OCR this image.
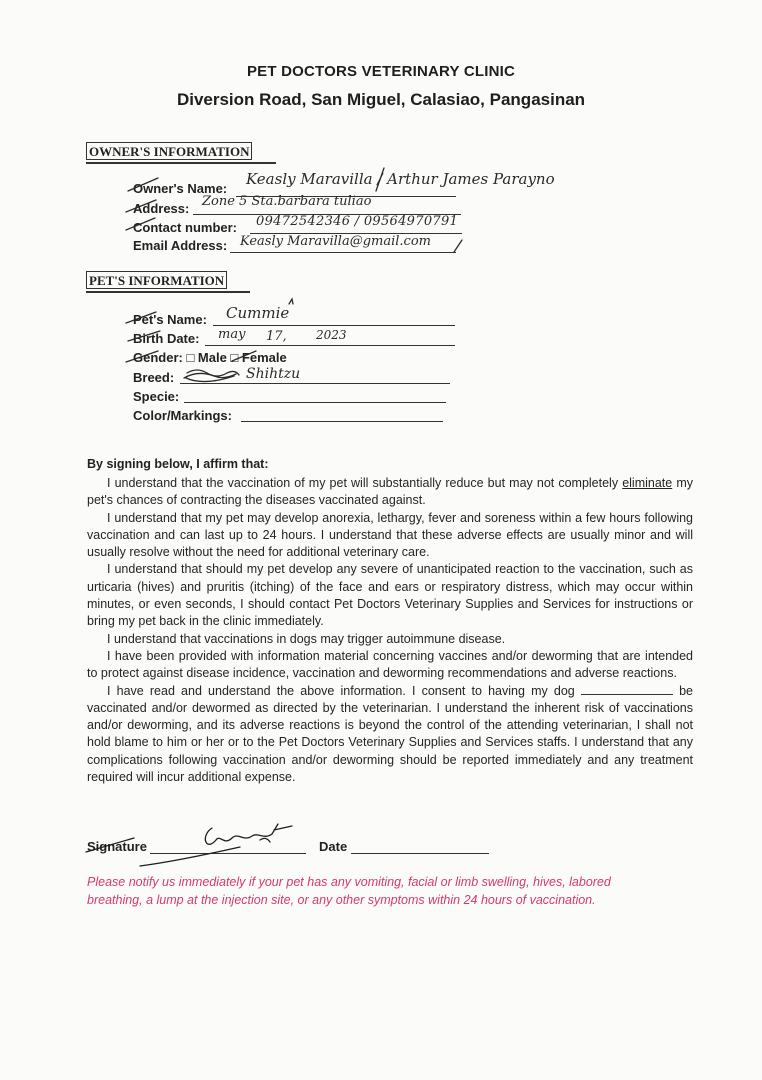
PET DOCTORS VETERINARY CLINIC
Diversion Road, San Miguel, Calasiao, Pangasinan
OWNER'S INFORMATION
Owner's Name:
Keasly Maravilla / Arthur James Parayno
Address: Zone 5 Sta.barbara tuliao
Contact number: 09472542346 / 09564970791
Email Address: Keasly Maravilla@gmail.com
PET'S INFORMATION
Pet's Name: Cummie
Birth Date: may 17, 2023
Gender: □ Male □ Female
Breed:	Shihtzu
Specie:
Color/Markings:
By signing below, I affirm that:

I understand that the vaccination of my pet will substantially reduce but may not completely eliminate my pet's chances of contracting the diseases vaccinated against.

I understand that my pet may develop anorexia, lethargy, fever and soreness within a few hours following vaccination and can last up to 24 hours. I understand that these adverse effects are usually minor and will usually resolve without the need for additional veterinary care.

I understand that should my pet develop any severe of unanticipated reaction to the vaccination, such as urticaria (hives) and pruritis (itching) of the face and ears or respiratory distress, which may occur within minutes, or even seconds, I should contact Pet Doctors Veterinary Supplies and Services for instructions or bring my pet back in the clinic immediately.

I understand that vaccinations in dogs may trigger autoimmune disease.

I have been provided with information material concerning vaccines and/or deworming that are intended to protect against disease incidence, vaccination and deworming recommendations and adverse reactions.

I have read and understand the above information. I consent to having my dog	be vaccinated and/or dewormed as directed by the veterinarian. I understand the inherent risk of vaccinations and/or deworming, and its adverse reactions is beyond the control of the attending veterinarian, I shall not hold blame to him or her or to the Pet Doctors Veterinary Supplies and Services staffs. I understand that any complications following vaccination and/or deworming should be reported immediately and any treatment required will incur additional expense.

Signature	Date
Please notify us immediately if your pet has any vomiting, facial or limb swelling, hives, labored breathing, a lump at the injection site, or any other symptoms within 24 hours of vaccination.
